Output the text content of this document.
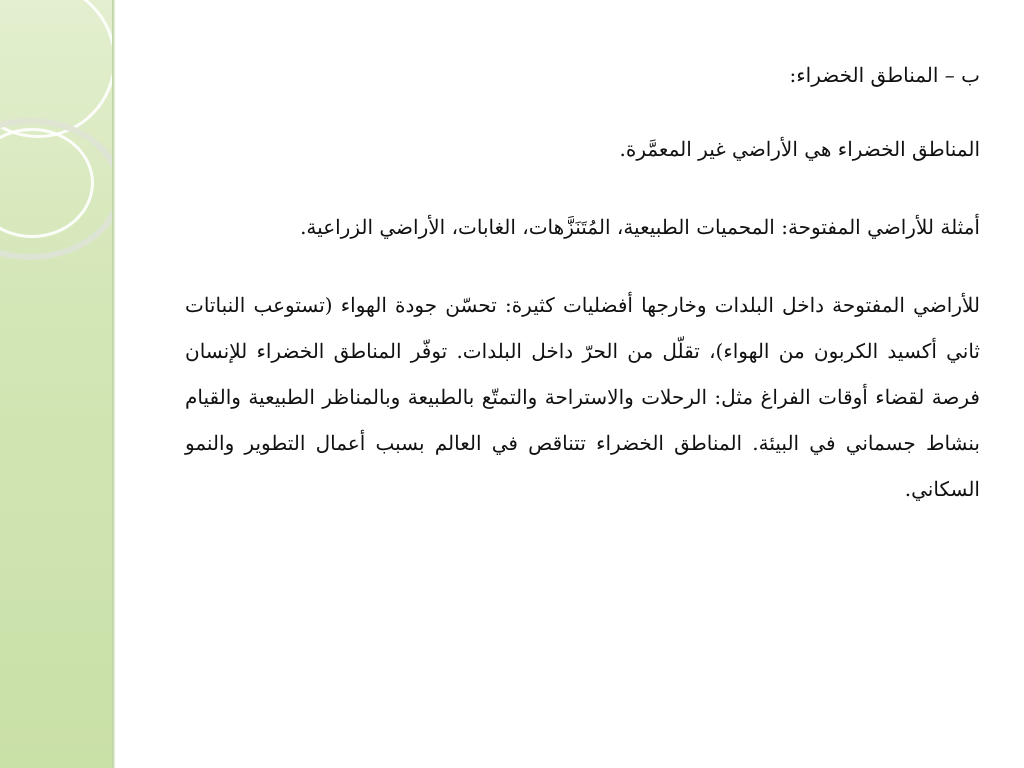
ب – المناطق الخضراء:

المناطق الخضراء هي الأراضي غير المعمَّرة.

أمثلة للأراضي المفتوحة: المحميات الطبيعية، المُتَنَزَّهات، الغابات، الأراضي الزراعية.

للأراضي المفتوحة داخل البلدات وخارجها أفضليات كثيرة: تحسّن جودة الهواء (تستوعب النباتات ثاني أكسيد الكربون من الهواء)، تقلّل من الحرّ داخل البلدات. توفّر المناطق الخضراء للإنسان فرصة لقضاء أوقات الفراغ مثل: الرحلات والاستراحة والتمتّع بالطبيعة وبالمناظر الطبيعية والقيام بنشاط جسماني في البيئة. المناطق الخضراء تتناقص في العالم بسبب أعمال التطوير والنمو السكاني.
